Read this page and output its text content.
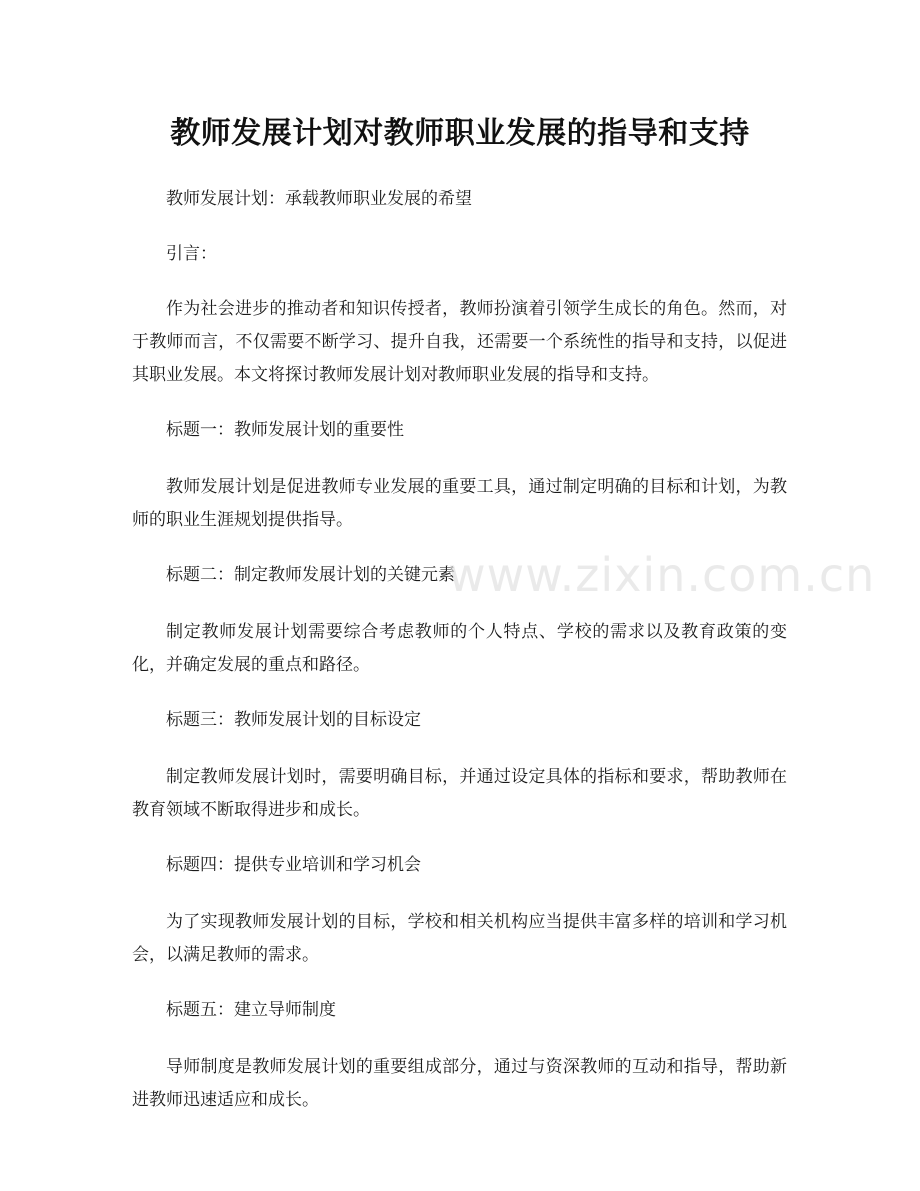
教师发展计划对教师职业发展的指导和支持

教师发展计划：承载教师职业发展的希望

引言：

作为社会进步的推动者和知识传授者，教师扮演着引领学生成长的角色。然而，对于教师而言，不仅需要不断学习、提升自我，还需要一个系统性的指导和支持，以促进其职业发展。本文将探讨教师发展计划对教师职业发展的指导和支持。

标题一：教师发展计划的重要性

教师发展计划是促进教师专业发展的重要工具，通过制定明确的目标和计划，为教师的职业生涯规划提供指导。

标题二：制定教师发展计划的关键元素

制定教师发展计划需要综合考虑教师的个人特点、学校的需求以及教育政策的变化，并确定发展的重点和路径。

标题三：教师发展计划的目标设定

制定教师发展计划时，需要明确目标，并通过设定具体的指标和要求，帮助教师在教育领域不断取得进步和成长。

标题四：提供专业培训和学习机会

为了实现教师发展计划的目标，学校和相关机构应当提供丰富多样的培训和学习机会，以满足教师的需求。

标题五：建立导师制度

导师制度是教师发展计划的重要组成部分，通过与资深教师的互动和指导，帮助新进教师迅速适应和成长。

www.zixin.com.cn
